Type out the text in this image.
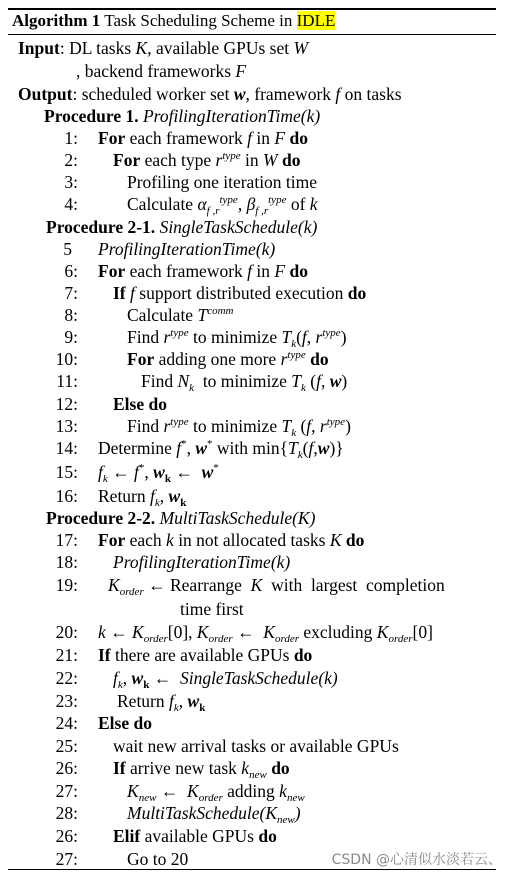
Algorithm 1 Task Scheduling Scheme in IDLE
Input: DL tasks K, available GPUs set W
, backend frameworks F
Output: scheduled worker set w, framework f on tasks
Procedure 1. ProfilingIterationTime(k)
1: For each framework f in F do
2: For each type $r^{type}$ in W do
3:	Profiling one iteration time
4:	Calculate $\alpha_{f ,r}^{type}$, $\beta_{f ,r}^{type}$ of k
Procedure 2-1. SingleTaskSchedule(k)
5 ProfilingIterationTime(k)
6: For each framework f in F do
7: If f support distributed execution do
8:	Calculate $T^{comm}$
9:	Find $r^{type}$ to minimize $T_k(f$, $r^{type}$)
10:	For adding one more $r^{type}$ do
11:	Find $N_k$  to minimize $T_k$ (f, w)
12: Else do
13:	Find $r^{type}$ to minimize $T_k$ (f, $r^{type}$)
14: Determine f*, w* with $\min\{T_k(f,w)\}$
15: $f_k$ ← f*, $w_k$ ←  w*
16: Return $f_k$, $w_k$
Procedure 2-2. MultiTaskSchedule(K)
17: For each k in not allocated tasks K do
18: ProfilingIterationTime(k)
19: $K_{order}$ ← Rearrange  K  with  largest  completion
time first
20: k ← $K_{order}[0]$, $K_{order}$ ←  $K_{order}$ excluding $K_{order}[0]$
21: If there are available GPUs do
22: $f_k$, $w_k$ ←  SingleTaskSchedule(k)
23: Return $f_k$, $w_k$
24: Else do
25: wait new arrival tasks or available GPUs
26: If arrive new task $k_{new}$ do
27:	$K_{new}$ ←  $K_{order}$ adding $k_{new}$
28:	$MultiTaskSchedule(K_{new})$
26: Elif available GPUs do
27:	Go to 20	CSDN @心清似水淡若云、
